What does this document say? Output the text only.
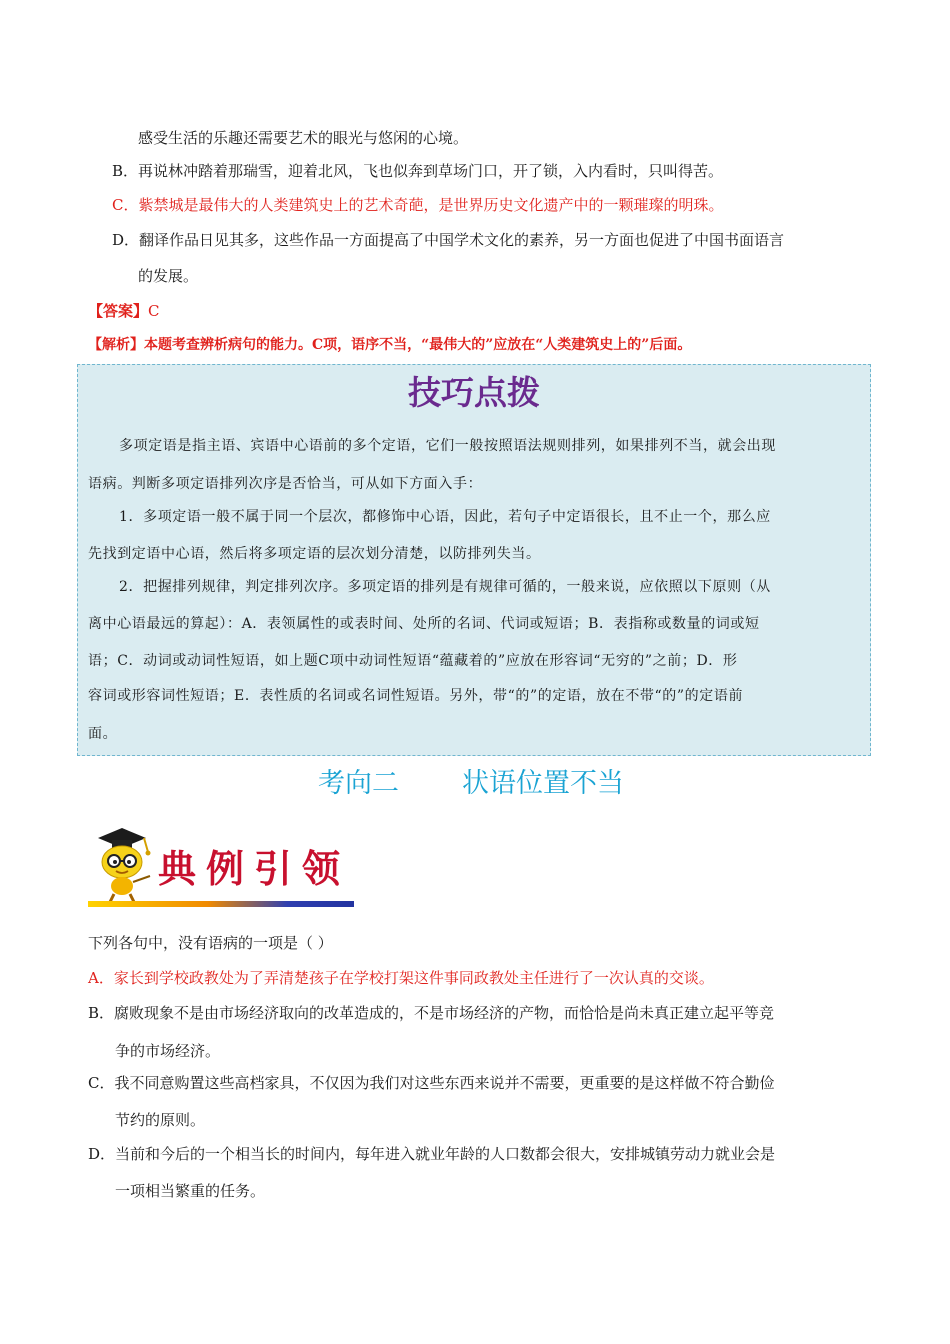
感受生活的乐趣还需要艺术的眼光与悠闲的心境。
B．再说林冲踏着那瑞雪，迎着北风，飞也似奔到草场门口，开了锁，入内看时，只叫得苦。
C．紫禁城是最伟大的人类建筑史上的艺术奇葩，是世界历史文化遗产中的一颗璀璨的明珠。
D．翻译作品日见其多，这些作品一方面提高了中国学术文化的素养，另一方面也促进了中国书面语言
的发展。
【答案】C
【解析】本题考查辨析病句的能力。C项，语序不当，“最伟大的”应放在“人类建筑史上的”后面。
技巧点拨
多项定语是指主语、宾语中心语前的多个定语，它们一般按照语法规则排列，如果排列不当，就会出现
语病。判断多项定语排列次序是否恰当，可从如下方面入手：
1．多项定语一般不属于同一个层次，都修饰中心语，因此，若句子中定语很长，且不止一个，那么应
先找到定语中心语，然后将多项定语的层次划分清楚，以防排列失当。
2．把握排列规律，判定排列次序。多项定语的排列是有规律可循的，一般来说，应依照以下原则（从
离中心语最远的算起）：A．表领属性的或表时间、处所的名词、代词或短语；B．表指称或数量的词或短
语；C．动词或动词性短语，如上题C项中动词性短语“蕴藏着的”应放在形容词“无穷的”之前；D．形
容词或形容词性短语；E．表性质的名词或名词性短语。另外，带“的”的定语，放在不带“的”的定语前
面。
考向二 状语位置不当
典例引领
下列各句中，没有语病的一项是（ ）
A．家长到学校政教处为了弄清楚孩子在学校打架这件事同政教处主任进行了一次认真的交谈。
B．腐败现象不是由市场经济取向的改革造成的，不是市场经济的产物，而恰恰是尚未真正建立起平等竞
争的市场经济。
C．我不同意购置这些高档家具，不仅因为我们对这些东西来说并不需要，更重要的是这样做不符合勤俭
节约的原则。
D．当前和今后的一个相当长的时间内，每年进入就业年龄的人口数都会很大，安排城镇劳动力就业会是
一项相当繁重的任务。
